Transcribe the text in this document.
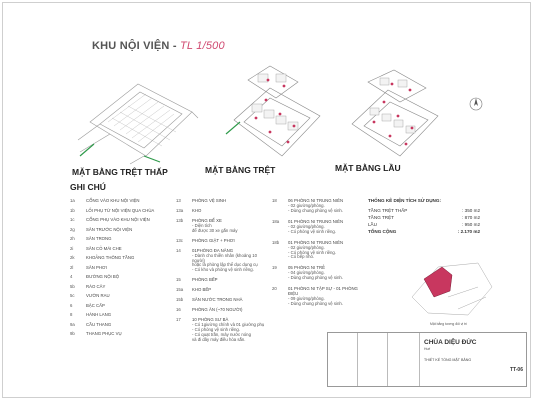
KHU NỘI VIỆN - TL 1/500
MẶT BẰNG TRỆT THẤP	MẶT BẰNG TRỆT	MẶT BẰNG LẦU
GHI CHÚ
1a	CỔNG VÀO KHU NỘI VIỆN
1b	LỐI PHỤ TỪ NỘI VIỆN QUA CHÙA
1c	CỔNG PHỤ VÀO KHU NỘI VIỆN
2g	SÂN TRƯỚC NỘI VIỆN
2h	SÂN TRONG
2i	SÂN CỎ MÁI CHE
2k	KHOẢNG THÔNG TẦNG
2l	SÂN PHƠI
4	ĐƯỜNG NỘI BỘ
5b	RÀO CÂY
5c	VƯỜN RAU
6	BẬC CẤP
8	HÀNH LANG
9a	CẦU THANG
9b	THANG PHỤC VỤ
13	PHÒNG VỆ SINH
13a	KHO
13b	PHÒNG ĐỂ XE
- Diện tích
để được 30 xe gắn máy
13c	PHÒNG GIẶT + PHƠI
14	01PHÒNG ĐA NĂNG
- Dành cho thiền nhân (khoảng 10 người)
hoặc là phòng lập thể dục dụng cụ
- Có kho và phòng vệ sinh riêng.
15	PHÒNG BẾP
15a	KHO BẾP
15b	SÂN NƯỚC TRONG NHÀ
16	PHÒNG ĂN (~70 NGƯỜI)
17	10 PHÒNG SƯ BÀ
- Có 1giường chính và 01 giường phụ
- Có phòng vệ sinh riêng.
- Có quạt trần, máy nước nóng
và đi dây máy điều hòa sẵn.
18	06 PHÒNG NI TRUNG NIÊN
- 02 giường/phòng.
- Dùng chung phòng vệ sinh.
18a	01 PHÒNG NI TRUNG NIÊN
- 02 giường/phòng.
- Có phòng vệ sinh riêng.
18b	01 PHÒNG NI TRUNG NIÊN
- 02 giường/phòng.
- Có phòng vệ sinh riêng.
- Có bếp nhỏ.
19	05 PHÒNG NI TRẺ
- 04 giường/phòng.
- Dùng chung phòng vệ sinh.
20	01 PHÒNG NI TẬP SỰ - 01 PHÒNG ĐIỆU
- 09 giường/phòng.
- Dùng chung phòng vệ sinh.
THỐNG KÊ DIỆN TÍCH SỬ DỤNG:
TẦNG TRỆT THẤP	: 350 m2
TẦNG TRỆT	: 870 m2
LẦU	: 950 m2
TỔNG CỘNG	: 2.170 m2
Mặt bằng tương đối vị trí
CHÙA DIỆU ĐỨC
Huế
THIẾT KẾ TỔNG MẶT BẰNG
TT-06
